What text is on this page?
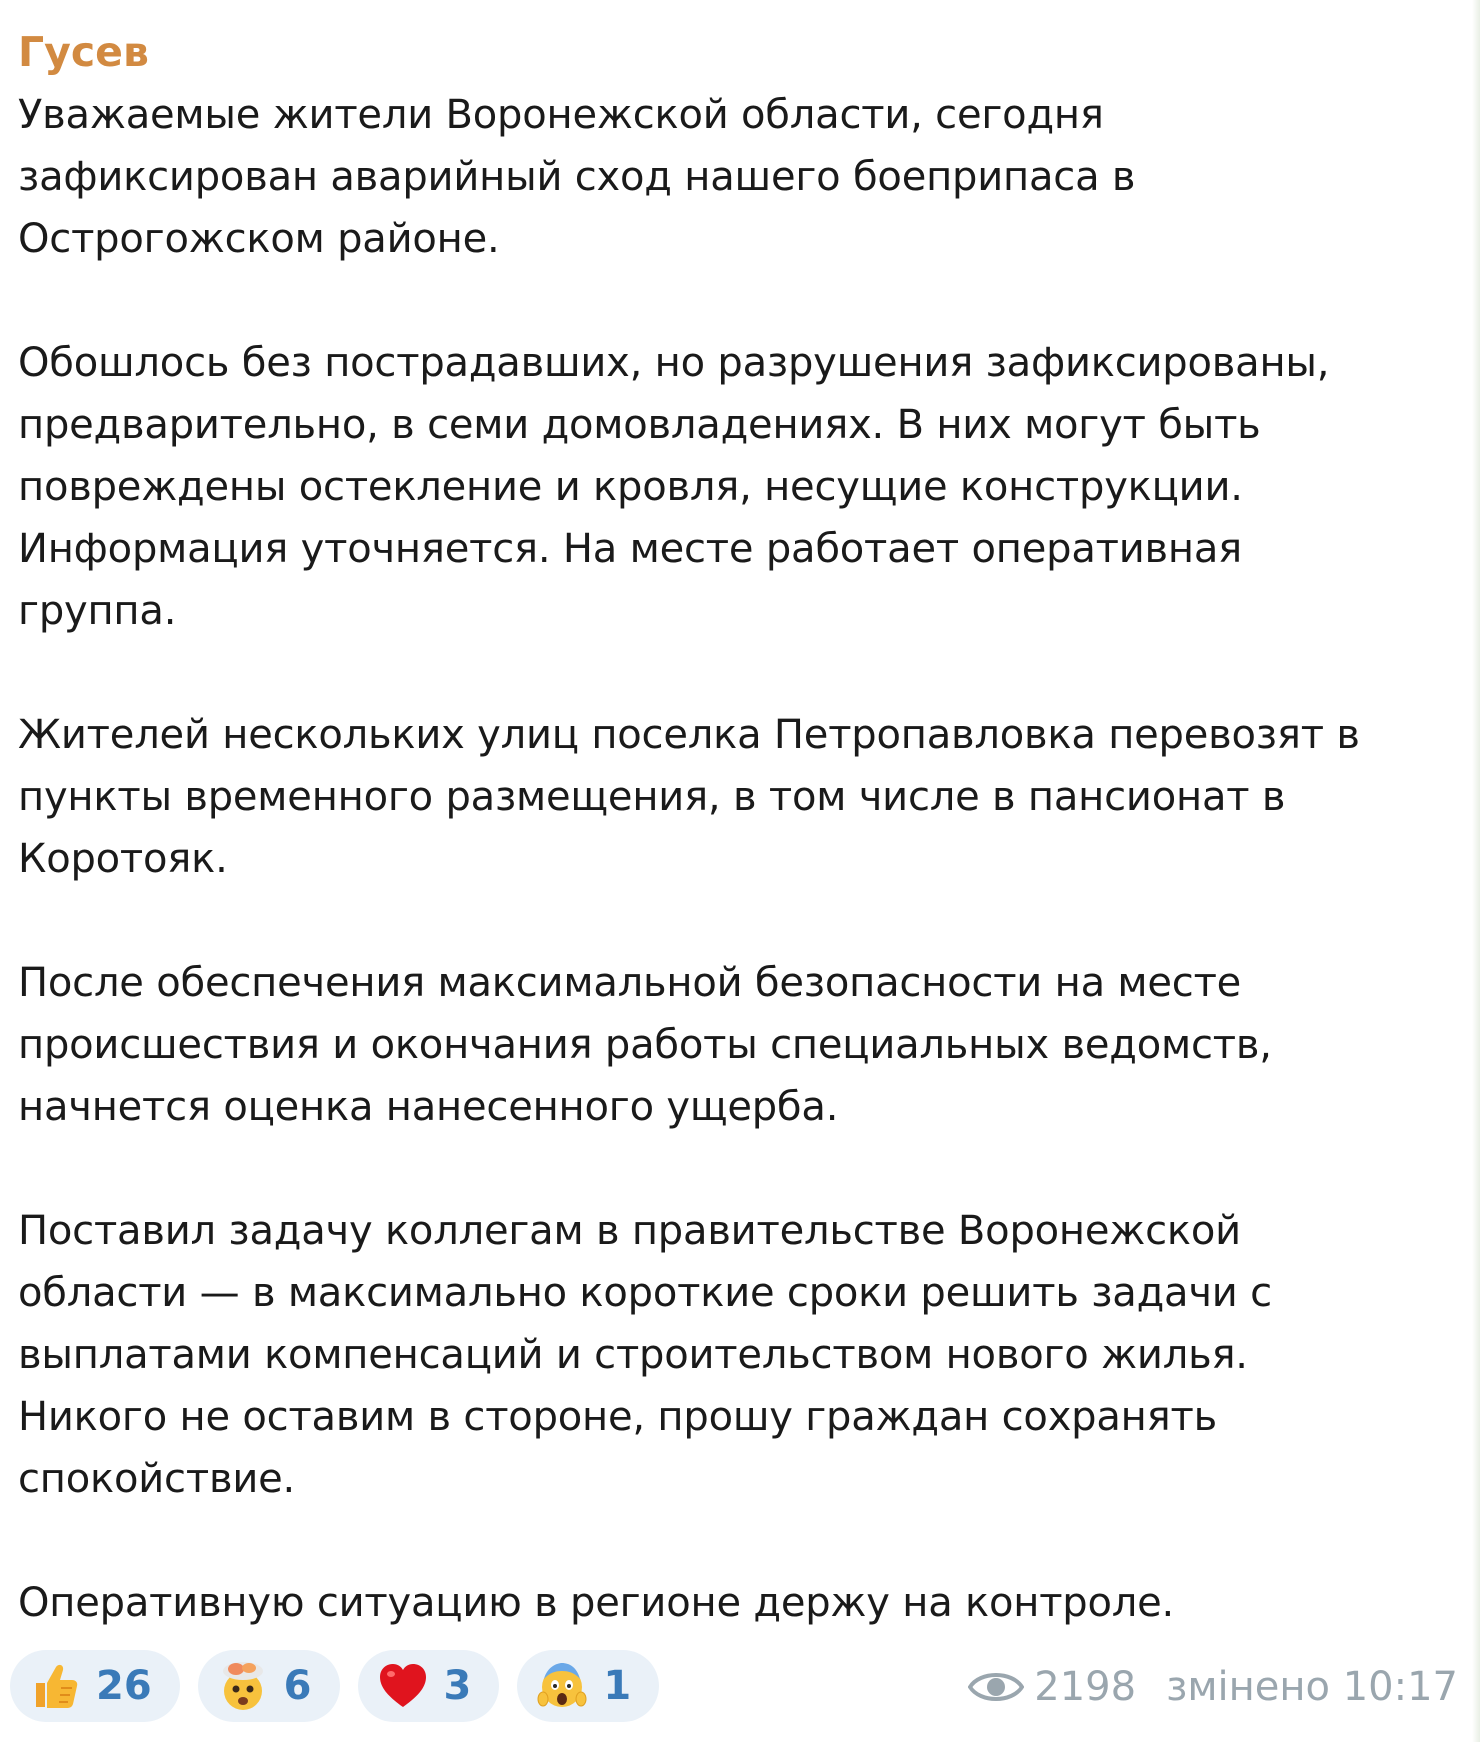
Гусев

Уважаемые жители Воронежской области, сегодня
зафиксирован аварийный сход нашего боеприпаса в
Острогожском районе.

Обошлось без пострадавших, но разрушения зафиксированы,
предварительно, в семи домовладениях. В них могут быть
повреждены остекление и кровля, несущие конструкции.
Информация уточняется. На месте работает оперативная
группа.

Жителей нескольких улиц поселка Петропавловка перевозят в
пункты временного размещения, в том числе в пансионат в
Коротояк.

После обеспечения максимальной безопасности на месте
происшествия и окончания работы специальных ведомств,
начнется оценка нанесенного ущерба.

Поставил задачу коллегам в правительстве Воронежской
области — в максимально короткие сроки решить задачи с
выплатами компенсаций и строительством нового жилья.
Никого не оставим в стороне, прошу граждан сохранять
спокойствие.

Оперативную ситуацию в регионе держу на контроле.

26	6	3	1	2198 змінено 10:17
